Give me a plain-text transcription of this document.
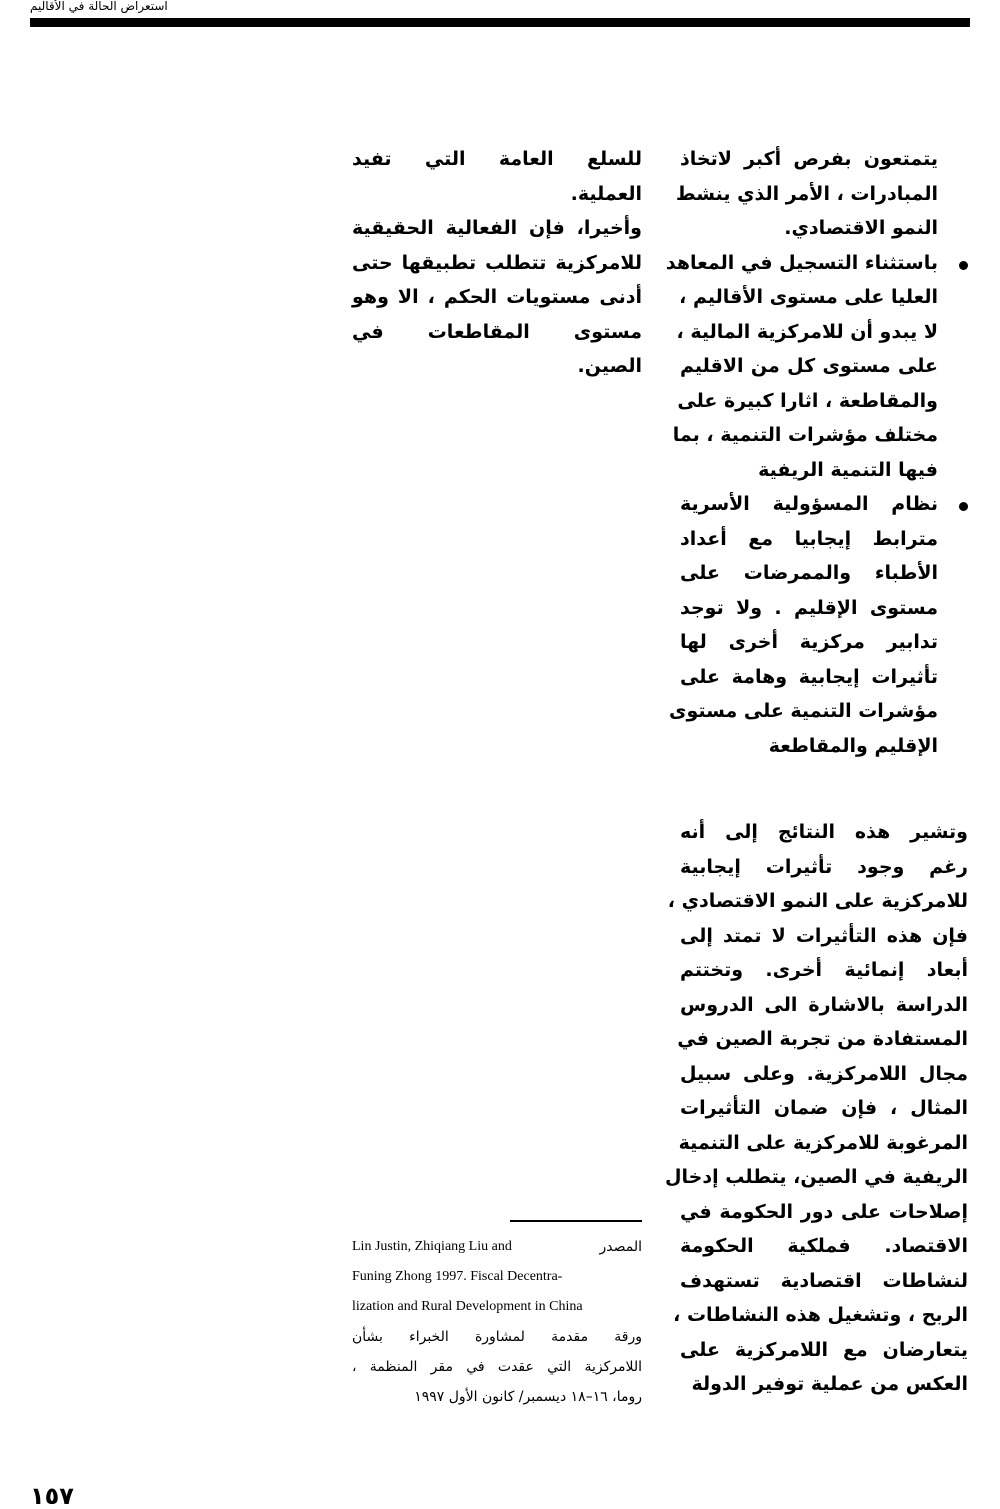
استعراض الحالة في الأقاليم
يتمتعون بفرص أكبر لاتخاذ
المبادرات ، الأمر الذي ينشط
النمو الاقتصادي.
باستثناء التسجيل في المعاهد
العليا على مستوى الأقاليم ،
لا يبدو أن للامركزية المالية ،
على مستوى كل من الاقليم
والمقاطعة ، اثارا كبيرة على
مختلف مؤشرات التنمية ، بما
فيها التنمية الريفية
نظام المسؤولية الأسرية
مترابط إيجابيا مع أعداد
الأطباء والممرضات على
مستوى الإقليم . ولا توجد
تدابير مركزية أخرى لها
تأثيرات إيجابية وهامة على
مؤشرات التنمية على مستوى
الإقليم والمقاطعة
وتشير هذه النتائج إلى أنه
رغم وجود تأثيرات إيجابية
للامركزية على النمو الاقتصادي ،
فإن هذه التأثيرات لا تمتد إلى
أبعاد إنمائية أخرى. وتختتم
الدراسة بالاشارة الى الدروس
المستفادة من تجربة الصين في
مجال اللامركزية. وعلى سبيل
المثال ، فإن ضمان التأثيرات
المرغوبة للامركزية على التنمية
الريفية في الصين، يتطلب إدخال
إصلاحات على دور الحكومة في
الاقتصاد. فملكية الحكومة
لنشاطات اقتصادية تستهدف
الربح ، وتشغيل هذه النشاطات ،
يتعارضان مع اللامركزية على
العكس من عملية توفير الدولة
للسلع العامة التي تفيد
العملية.
وأخيرا، فإن الفعالية الحقيقية
للامركزية تتطلب تطبيقها حتى
أدنى مستويات الحكم ، الا وهو
مستوى المقاطعات في
الصين.
Lin Justin, Zhiqiang Liu and	المصدر
Funing Zhong 1997. Fiscal Decentra-
lization and Rural Development in China
ورقة مقدمة لمشاورة الخبراء بشأن
اللامركزية التي عقدت في مقر المنظمة ،
روما، ١٦–١٨ ديسمبر/ كانون الأول ١٩٩٧
١٥٧
